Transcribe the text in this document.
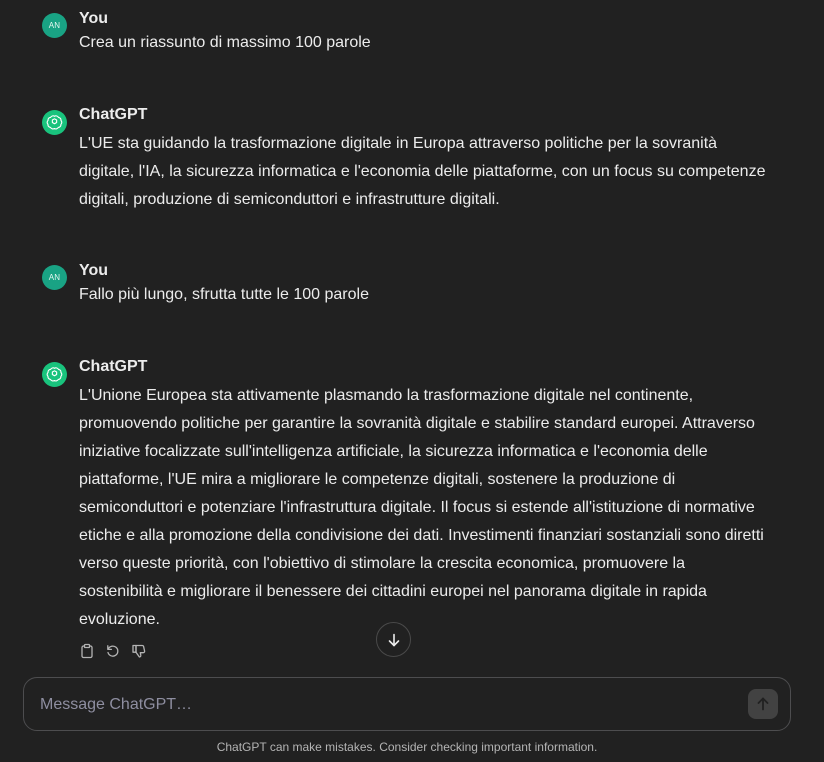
AN You
Crea un riassunto di massimo 100 parole
ChatGPT
L'UE sta guidando la trasformazione digitale in Europa attraverso politiche per la sovranità digitale, l'IA, la sicurezza informatica e l'economia delle piattaforme, con un focus su competenze digitali, produzione di semiconduttori e infrastrutture digitali.
AN You
Fallo più lungo, sfrutta tutte le 100 parole
ChatGPT
L'Unione Europea sta attivamente plasmando la trasformazione digitale nel continente, promuovendo politiche per garantire la sovranità digitale e stabilire standard europei. Attraverso iniziative focalizzate sull'intelligenza artificiale, la sicurezza informatica e l'economia delle piattaforme, l'UE mira a migliorare le competenze digitali, sostenere la produzione di semiconduttori e potenziare l'infrastruttura digitale. Il focus si estende all'istituzione di normative etiche e alla promozione della condivisione dei dati. Investimenti finanziari sostanziali sono diretti verso queste priorità, con l'obiettivo di stimolare la crescita economica, promuovere la sostenibilità e migliorare il benessere dei cittadini europei nel panorama digitale in rapida evoluzione.
Message ChatGPT…
ChatGPT can make mistakes. Consider checking important information.
